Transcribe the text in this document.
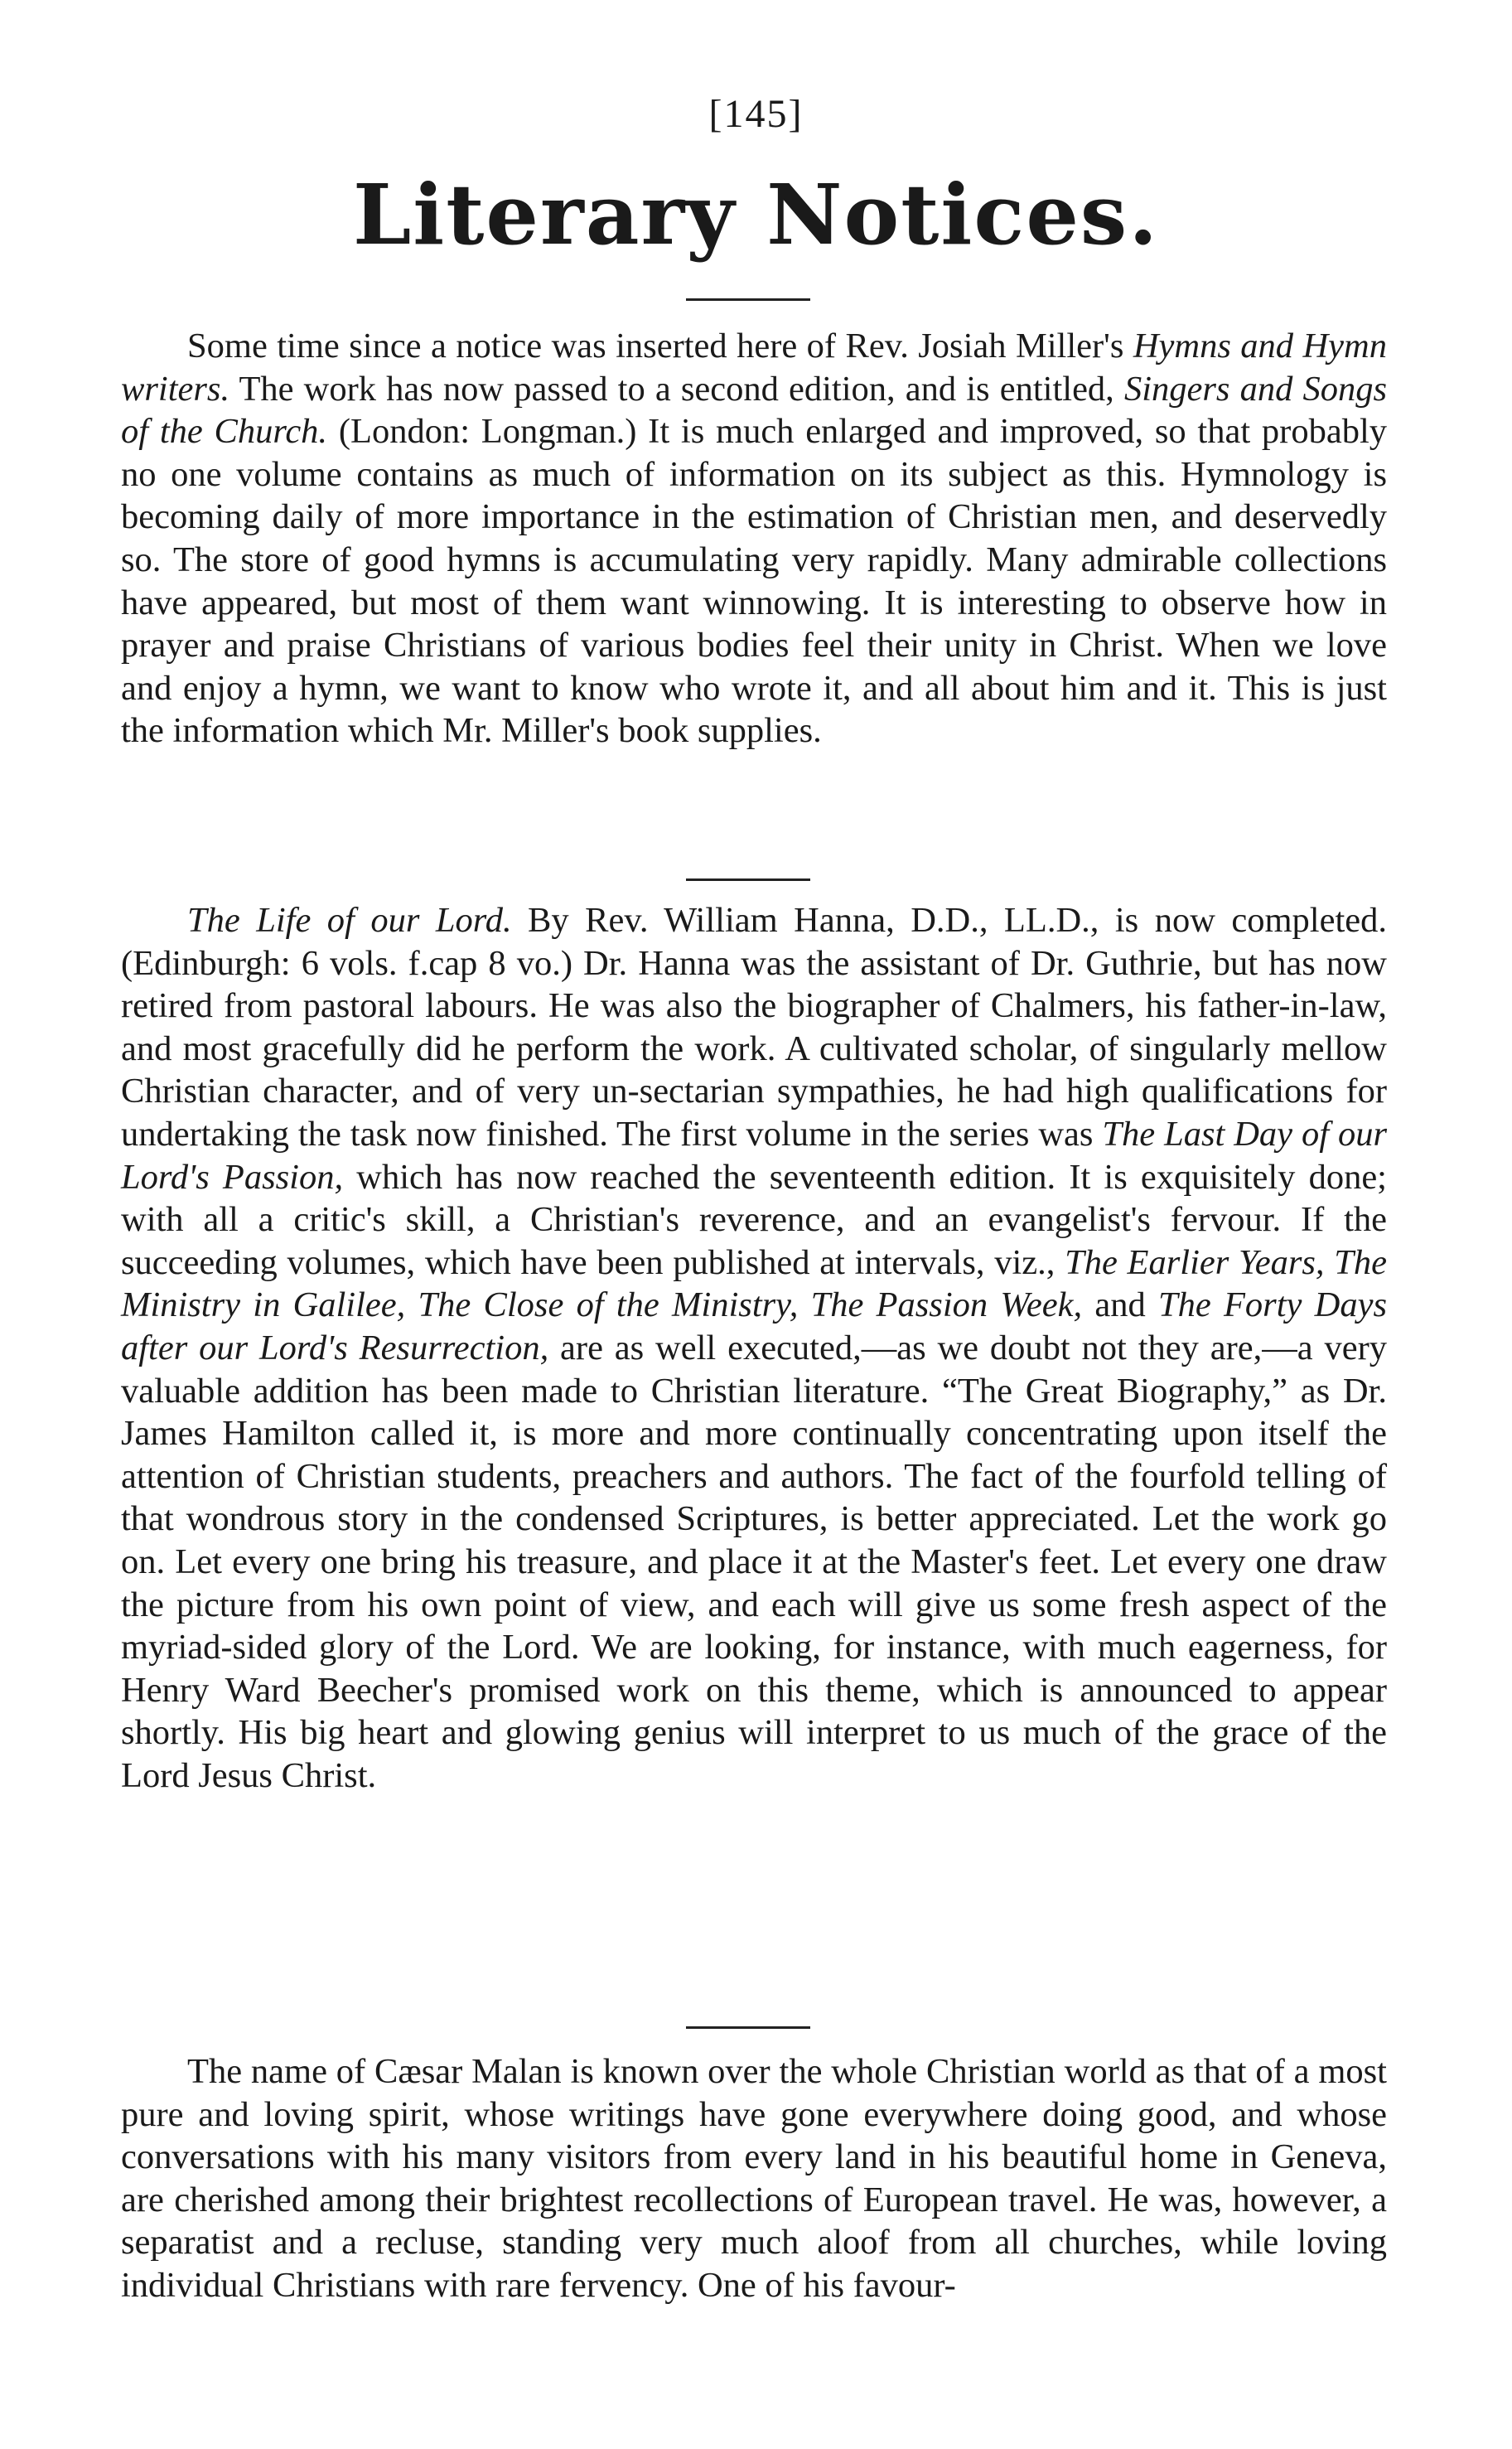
[145]
Literary Notices.

Some time since a notice was inserted here of Rev. Josiah Miller's Hymns and Hymn writers. The work has now passed to a second edition, and is entitled, Singers and Songs of the Church. (London: Longman.) It is much enlarged and improved, so that probably no one volume contains as much of information on its subject as this. Hymnology is becoming daily of more importance in the estimation of Christian men, and deservedly so. The store of good hymns is accumulating very rapidly. Many admirable collections have appeared, but most of them want winnowing. It is interesting to observe how in prayer and praise Christians of various bodies feel their unity in Christ. When we love and enjoy a hymn, we want to know who wrote it, and all about him and it. This is just the information which Mr. Miller's book supplies.

The Life of our Lord. By Rev. William Hanna, D.D., LL.D., is now completed. (Edinburgh: 6 vols. f.cap 8 vo.) Dr. Hanna was the assistant of Dr. Guthrie, but has now retired from pastoral labours. He was also the biographer of Chalmers, his father-in-law, and most gracefully did he perform the work. A cultivated scholar, of singularly mellow Christian character, and of very un-sectarian sympathies, he had high qualifications for undertaking the task now finished. The first volume in the series was The Last Day of our Lord's Passion, which has now reached the seventeenth edition. It is exquisitely done; with all a critic's skill, a Christian's reverence, and an evangelist's fervour. If the succeeding volumes, which have been published at intervals, viz., The Earlier Years, The Ministry in Galilee, The Close of the Ministry, The Passion Week, and The Forty Days after our Lord's Resurrection, are as well executed,—as we doubt not they are,—a very valuable addition has been made to Christian literature. “The Great Biography,” as Dr. James Hamilton called it, is more and more continually concentrating upon itself the attention of Christian students, preachers and authors. The fact of the fourfold telling of that wondrous story in the condensed Scriptures, is better appreciated. Let the work go on. Let every one bring his treasure, and place it at the Master's feet. Let every one draw the picture from his own point of view, and each will give us some fresh aspect of the myriad-sided glory of the Lord. We are looking, for instance, with much eagerness, for Henry Ward Beecher's promised work on this theme, which is announced to appear shortly. His big heart and glowing genius will interpret to us much of the grace of the Lord Jesus Christ.

The name of Cæsar Malan is known over the whole Christian world as that of a most pure and loving spirit, whose writings have gone everywhere doing good, and whose conversations with his many visitors from every land in his beautiful home in Geneva, are cherished among their brightest recollections of European travel. He was, however, a separatist and a recluse, standing very much aloof from all churches, while loving individual Christians with rare fervency. One of his favour-
